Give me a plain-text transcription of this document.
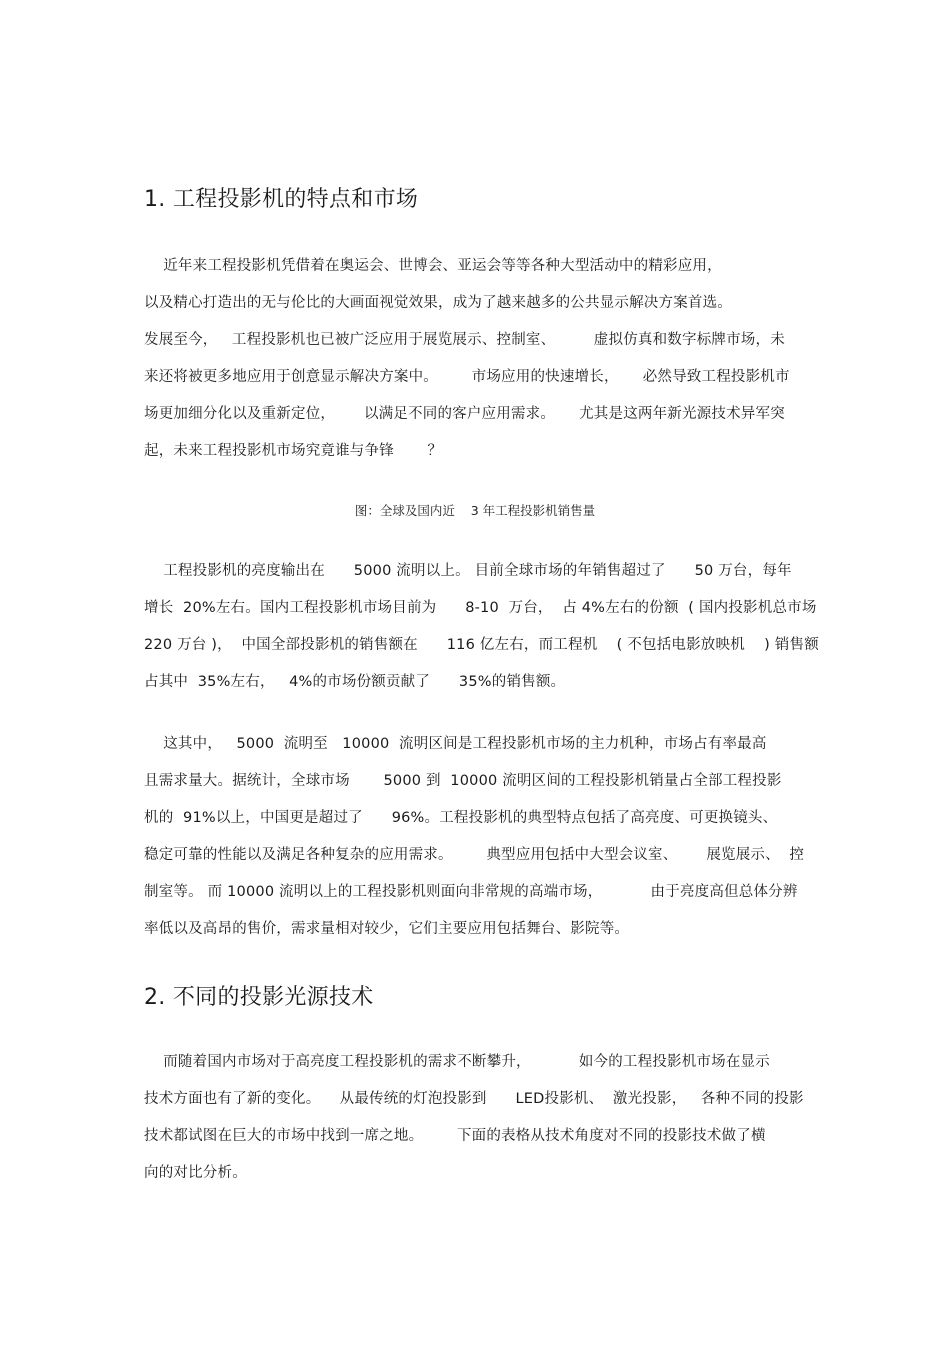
1. 工程投影机的特点和市场
近年来工程投影机凭借着在奥运会、世博会、亚运会等等各种大型活动中的精彩应用，
以及精心打造出的无与伦比的大画面视觉效果，成为了越来越多的公共显示解决方案首选。
发展至今，   工程投影机也已被广泛应用于展览展示、控制室、        虚拟仿真和数字标牌市场，未
来还将被更多地应用于创意显示解决方案中。       市场应用的快速增长，     必然导致工程投影机市
场更加细分化以及重新定位，      以满足不同的客户应用需求。     尤其是这两年新光源技术异军突
起，未来工程投影机市场究竟谁与争锋       ？
图：全球及国内近    3 年工程投影机销售量
工程投影机的亮度输出在      5000 流明以上。 目前全球市场的年销售超过了      50 万台，每年
增长  20%左右。国内工程投影机市场目前为      8-10  万台，  占 4%左右的份额  ( 国内投影机总市场
220 万台 )，  中国全部投影机的销售额在      116 亿左右，而工程机    ( 不包括电影放映机    ) 销售额
占其中  35%左右，   4%的市场份额贡献了      35%的销售额。
这其中，   5000  流明至   10000  流明区间是工程投影机市场的主力机种，市场占有率最高
且需求量大。据统计，全球市场       5000 到  10000 流明区间的工程投影机销量占全部工程投影
机的  91%以上，中国更是超过了      96%。工程投影机的典型特点包括了高亮度、可更换镜头、
稳定可靠的性能以及满足各种复杂的应用需求。       典型应用包括中大型会议室、      展览展示、  控
制室等。 而 10000 流明以上的工程投影机则面向非常规的高端市场，          由于亮度高但总体分辨
率低以及高昂的售价，需求量相对较少，它们主要应用包括舞台、影院等。
2. 不同的投影光源技术
而随着国内市场对于高亮度工程投影机的需求不断攀升，          如今的工程投影机市场在显示
技术方面也有了新的变化。    从最传统的灯泡投影到      LED投影机、  激光投影，   各种不同的投影
技术都试图在巨大的市场中找到一席之地。       下面的表格从技术角度对不同的投影技术做了横
向的对比分析。
